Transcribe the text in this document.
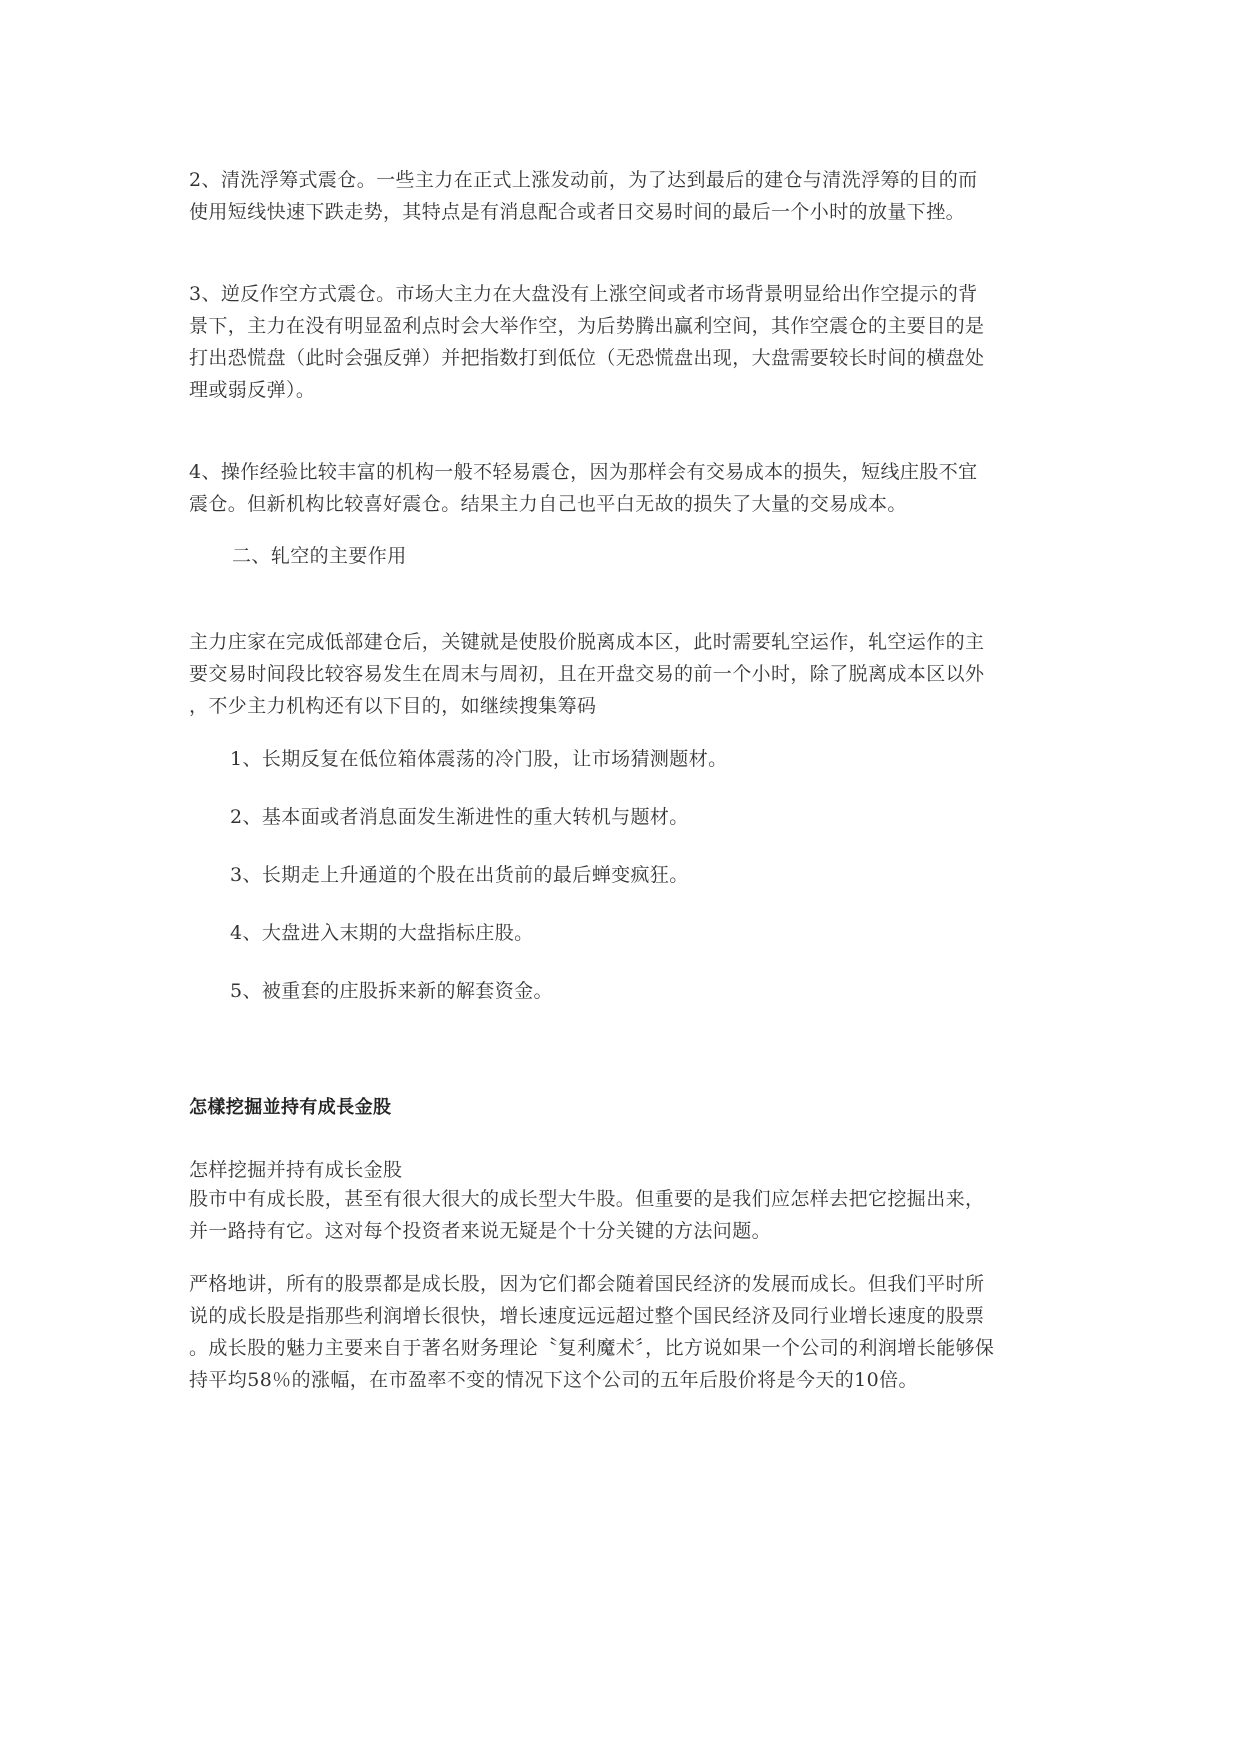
2、清洗浮筹式震仓。一些主力在正式上涨发动前，为了达到最后的建仓与清洗浮筹的目的而
使用短线快速下跌走势，其特点是有消息配合或者日交易时间的最后一个小时的放量下挫。
3、逆反作空方式震仓。市场大主力在大盘没有上涨空间或者市场背景明显给出作空提示的背
景下，主力在没有明显盈利点时会大举作空，为后势腾出赢利空间，其作空震仓的主要目的是
打出恐慌盘（此时会强反弹）并把指数打到低位（无恐慌盘出现，大盘需要较长时间的横盘处
理或弱反弹）。
4、操作经验比较丰富的机构一般不轻易震仓，因为那样会有交易成本的损失，短线庄股不宜
震仓。但新机构比较喜好震仓。结果主力自己也平白无故的损失了大量的交易成本。
二、轧空的主要作用
主力庄家在完成低部建仓后，关键就是使股价脱离成本区，此时需要轧空运作，轧空运作的主
要交易时间段比较容易发生在周末与周初，且在开盘交易的前一个小时，除了脱离成本区以外
，不少主力机构还有以下目的，如继续搜集筹码
1、长期反复在低位箱体震荡的冷门股，让市场猜测题材。
2、基本面或者消息面发生渐进性的重大转机与题材。
3、长期走上升通道的个股在出货前的最后蝉变疯狂。
4、大盘进入末期的大盘指标庄股。
5、被重套的庄股拆来新的解套资金。
怎樣挖掘並持有成長金股
怎样挖掘并持有成长金股
股市中有成长股，甚至有很大很大的成长型大牛股。但重要的是我们应怎样去把它挖掘出来，
并一路持有它。这对每个投资者来说无疑是个十分关键的方法问题。
严格地讲，所有的股票都是成长股，因为它们都会随着国民经济的发展而成长。但我们平时所
说的成长股是指那些利润增长很快，增长速度远远超过整个国民经济及同行业增长速度的股票
。成长股的魅力主要来自于著名财务理论〝复利魔术〞，比方说如果一个公司的利润增长能够保
持平均58％的涨幅，在市盈率不变的情况下这个公司的五年后股价将是今天的10倍。
